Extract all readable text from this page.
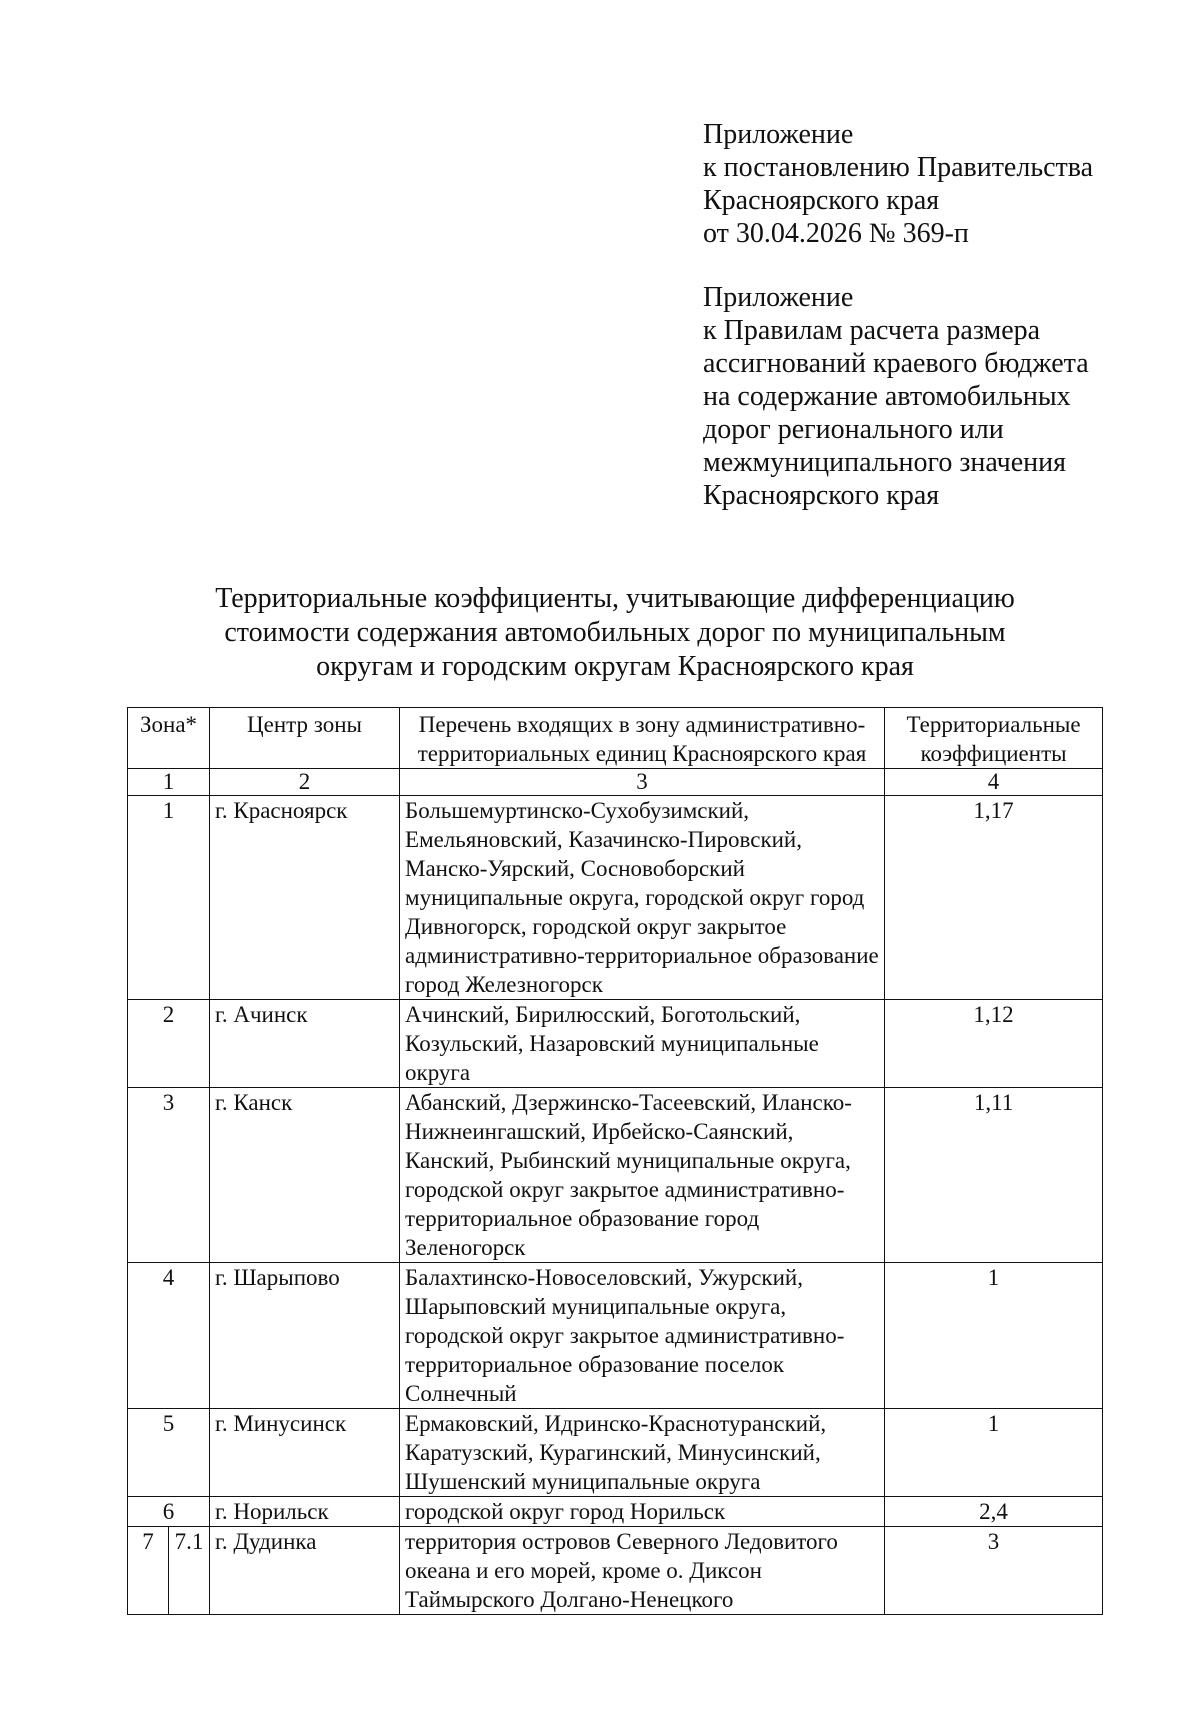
Приложение
к постановлению Правительства
Красноярского края
от 30.04.2026 № 369-п
Приложение
к Правилам расчета размера
ассигнований краевого бюджета
на содержание автомобильных
дорог регионального или
межмуниципального значения
Красноярского края
Территориальные коэффициенты, учитывающие дифференциацию
стоимости содержания автомобильных дорог по муниципальным
округам и городским округам Красноярского края
Зона*		Центр зоны	Перечень входящих в зону административно-территориальных единиц Красноярского края	Территориальные коэффициенты
1		2	3	4
1		г. Красноярск	Большемуртинско-Сухобузимский, Емельяновский, Казачинско-Пировский, Манско-Уярский, Сосновоборский муниципальные округа, городской округ город Дивногорск, городской округ закрытое административно-территориальное образование город Железногорск	1,17
2		г. Ачинск	Ачинский, Бирилюсский, Боготольский, Козульский, Назаровский муниципальные округа	1,12
3		г. Канск	Абанский, Дзержинско-Тасеевский, Иланско-Нижнеингашский, Ирбейско-Саянский, Канский, Рыбинский муниципальные округа, городской округ закрытое административно-территориальное образование город Зеленогорск	1,11
4		г. Шарыпово	Балахтинско-Новоселовский, Ужурский, Шарыповский муниципальные округа, городской округ закрытое административно-территориальное образование поселок Солнечный	1
5		г. Минусинск	Ермаковский, Идринско-Краснотуранский, Каратузский, Курагинский, Минусинский, Шушенский муниципальные округа	1
6		г. Норильск	городской округ город Норильск	2,4
7	7.1	г. Дудинка	территория островов Северного Ледовитого океана и его морей, кроме о. Диксон Таймырского Долгано-Ненецкого	3
